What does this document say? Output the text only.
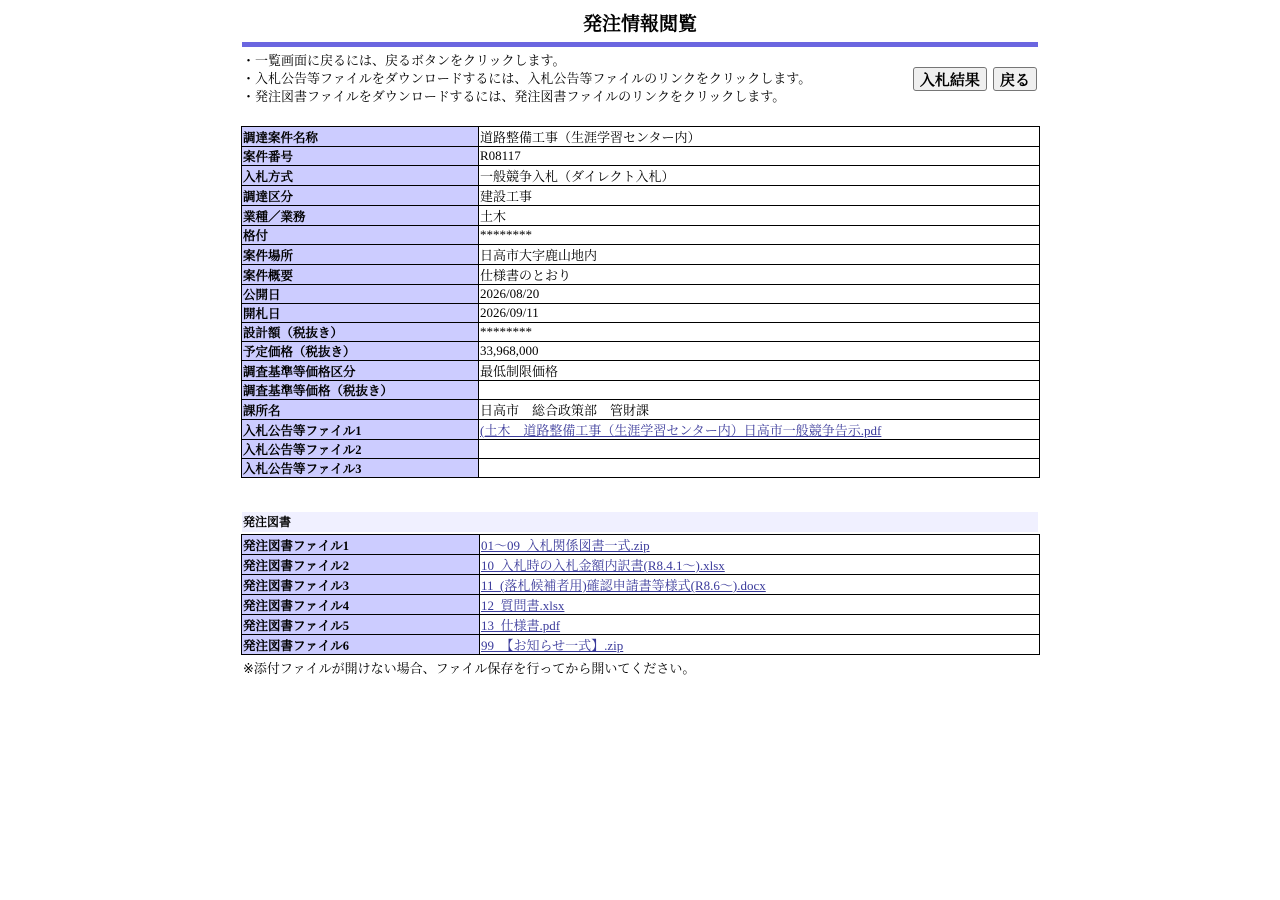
発注情報閲覧
・一覧画面に戻るには、戻るボタンをクリックします。
・入札公告等ファイルをダウンロードするには、入札公告等ファイルのリンクをクリックします。
・発注図書ファイルをダウンロードするには、発注図書ファイルのリンクをクリックします。
入札結果 戻る
調達案件名称	道路整備工事（生涯学習センター内）
案件番号	R08117
入札方式	一般競争入札（ダイレクト入札）
調達区分	建設工事
業種／業務	土木
格付	********
案件場所	日高市大字鹿山地内
案件概要	仕様書のとおり
公開日	2026/08/20
開札日	2026/09/11
設計額（税抜き）	********
予定価格（税抜き）	33,968,000
調査基準等価格区分	最低制限価格
調査基準等価格（税抜き）	
課所名	日高市　総合政策部　管財課
入札公告等ファイル1	(土木　道路整備工事（生涯学習センター内）日高市一般競争告示.pdf
入札公告等ファイル2	
入札公告等ファイル3	
発注図書
発注図書ファイル1	01～09_入札関係図書一式.zip
発注図書ファイル2	10_入札時の入札金額内訳書(R8.4.1～).xlsx
発注図書ファイル3	11_(落札候補者用)確認申請書等様式(R8.6～).docx
発注図書ファイル4	12_質問書.xlsx
発注図書ファイル5	13_仕様書.pdf
発注図書ファイル6	99_【お知らせ一式】.zip
※添付ファイルが開けない場合、ファイル保存を行ってから開いてください。
